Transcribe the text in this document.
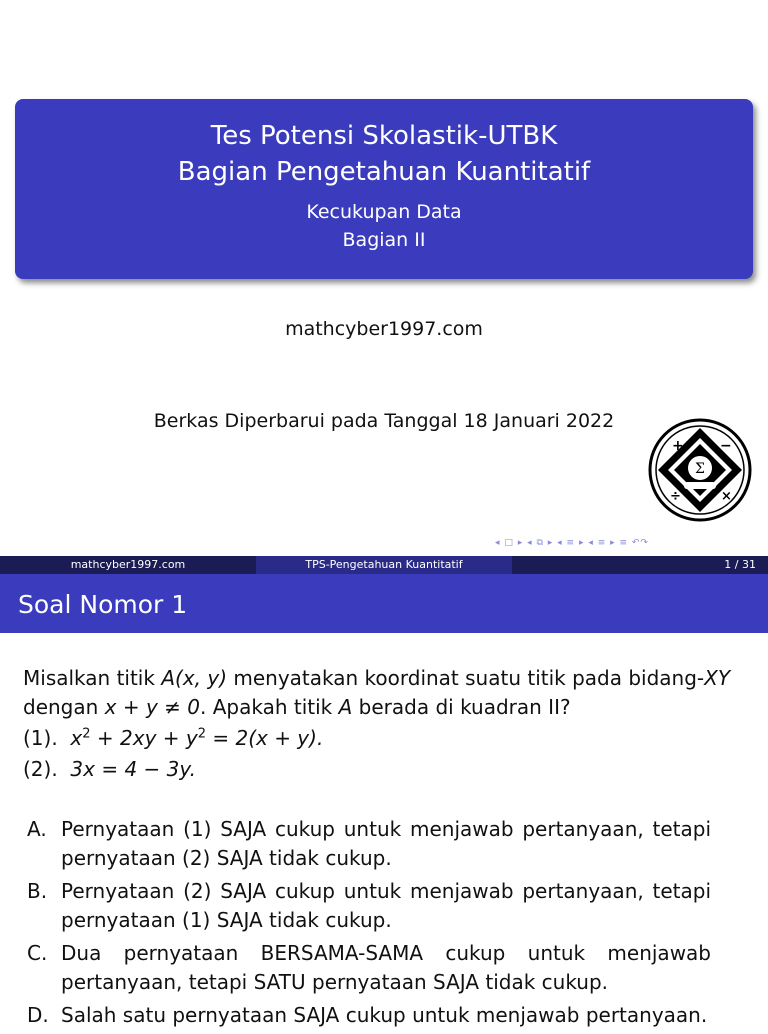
Tes Potensi Skolastik-UTBK
Bagian Pengetahuan Kuantitatif
Kecukupan Data
Bagian II
mathcyber1997.com
Berkas Diperbarui pada Tanggal 18 Januari 2022
Σ
+	−
÷	×
◂ □ ▸ ◂ ⧉ ▸ ◂ ≡ ▸ ◂ ≡ ▸ ≡ ↶↷
mathcyber1997.com	TPS-Pengetahuan Kuantitatif	1 / 31
Soal Nomor 1

Misalkan titik A(x, y) menyatakan koordinat suatu titik pada bidang-XY
dengan x + y ≠ 0. Apakah titik A berada di kuadran II?

(1). $x^2 + 2xy + y^2 = 2(x + y)$.

(2). 3x = 4 − 3y.

A. Pernyataan (1) SAJA cukup untuk menjawab pertanyaan, tetapi pernyataan (2) SAJA tidak cukup.
B. Pernyataan (2) SAJA cukup untuk menjawab pertanyaan, tetapi pernyataan (1) SAJA tidak cukup.
C. Dua pernyataan BERSAMA-SAMA cukup untuk menjawab pertanyaan, tetapi SATU pernyataan SAJA tidak cukup.
D. Salah satu pernyataan SAJA cukup untuk menjawab pertanyaan.
